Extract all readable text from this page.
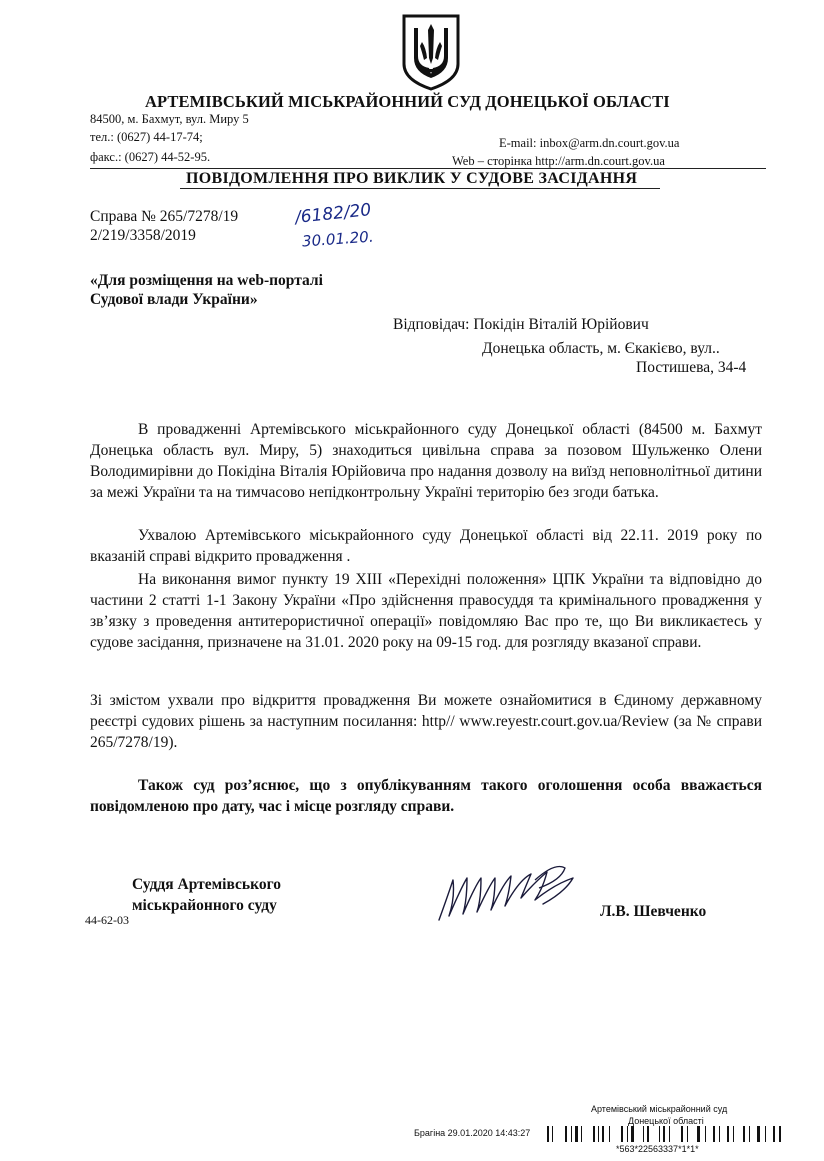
АРТЕМІВСЬКИЙ МІСЬКРАЙОННИЙ СУД ДОНЕЦЬКОЇ ОБЛАСТІ
84500, м. Бахмут, вул. Миру 5
тел.: (0627) 44-17-74;
факс.: (0627) 44-52-95.
E-mail: inbox@arm.dn.court.gov.ua
Web – сторінка http://arm.dn.court.gov.ua
ПОВІДОМЛЕННЯ ПРО ВИКЛИК У СУДОВЕ ЗАСІДАННЯ
Справа № 265/7278/19
2/219/3358/2019
/6182/20
30.01.20.
«Для розміщення на web-порталі
Судової влади України»
Відповідач: Покідін Віталій Юрійович
Донецька область, м. Єкакієво, вул..
Постишева, 34-4
В провадженні Артемівського міськрайонного суду Донецької області (84500 м. Бахмут Донецька область вул. Миру, 5) знаходиться цивільна справа за позовом Шульженко Олени Володимирівни до Покідіна Віталія Юрійовича про надання дозволу на виїзд неповнолітньої дитини за межі України та на тимчасово непідконтрольну Україні територію без згоди батька.
Ухвалою Артемівського міськрайонного суду Донецької області від 22.11. 2019 року по вказаній справі відкрито провадження .
На виконання вимог пункту 19 ХІІІ «Перехідні положення» ЦПК України та відповідно до частини 2 статті 1-1 Закону України «Про здійснення правосуддя та кримінального провадження у зв’язку з проведення антитерористичної операції» повідомляю Вас про те, що Ви викликаєтесь у судове засідання, призначене на 31.01. 2020 року на 09-15 год. для розгляду вказаної справи.
Зі змістом ухвали про відкриття провадження Ви можете ознайомитися в Єдиному державному реєстрі судових рішень за наступним посилання: http// www.reyestr.court.gov.ua/Review (за № справи 265/7278/19).
Також суд роз’яснює, що з опублікуванням такого оголошення особа вважається повідомленою про дату, час і місце розгляду справи.
Суддя Артемівського
міськрайонного суду
44-62-03	Л.В. Шевченко
Артемівський міськрайонний суд
Донецької області
Брагіна 29.01.2020 14:43:27
*563*22563337*1*1*
